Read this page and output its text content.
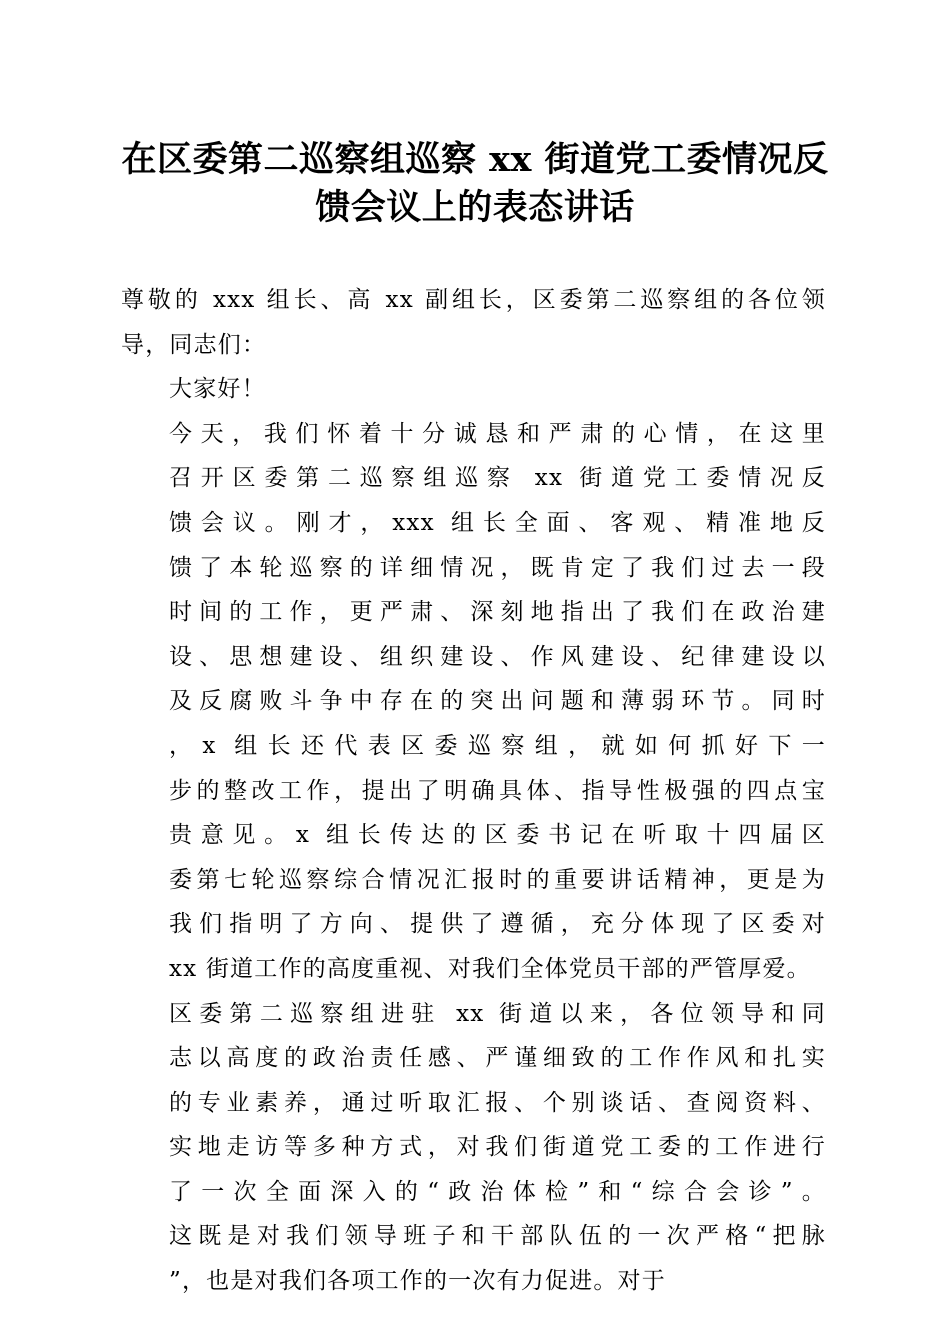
在区委第二巡察组巡察 xx 街道党工委情况反
馈会议上的表态讲话

尊敬的 xxx 组长、高 xx 副组长，区委第二巡察组的各位领
导，同志们：

大家好！

今天，我们怀着十分诚恳和严肃的心情，在这里
召开区委第二巡察组巡察 xx 街道党工委情况反
馈会议。刚才，xxx 组长全面、客观、精准地反
馈了本轮巡察的详细情况，既肯定了我们过去一段
时间的工作，更严肃、深刻地指出了我们在政治建
设、思想建设、组织建设、作风建设、纪律建设以
及反腐败斗争中存在的突出问题和薄弱环节。同时
，x 组长还代表区委巡察组，就如何抓好下一
步的整改工作，提出了明确具体、指导性极强的四点宝
贵意见。x 组长传达的区委书记在听取十四届区
委第七轮巡察综合情况汇报时的重要讲话精神，更是为
我们指明了方向、提供了遵循，充分体现了区委对
xx 街道工作的高度重视、对我们全体党员干部的严管厚爱。

区委第二巡察组进驻 xx 街道以来，各位领导和同
志以高度的政治责任感、严谨细致的工作作风和扎实
的专业素养，通过听取汇报、个别谈话、查阅资料、
实地走访等多种方式，对我们街道党工委的工作进行
了一次全面深入的“政治体检”和“综合会诊”。
这既是对我们领导班子和干部队伍的一次严格“把脉
”，也是对我们各项工作的一次有力促进。对于
